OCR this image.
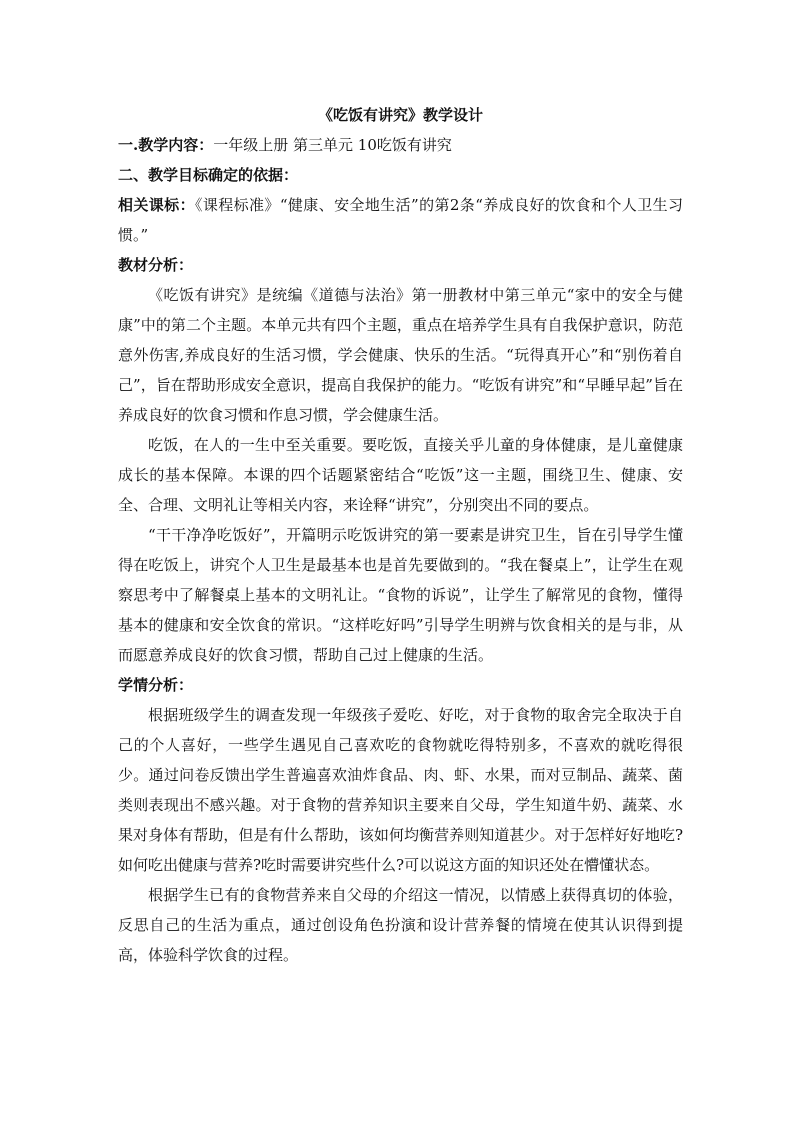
《吃饭有讲究》教学设计

一.教学内容：一年级上册 第三单元 10吃饭有讲究

二、教学目标确定的依据：

相关课标：《课程标准》“健康、安全地生活”的第2条“养成良好的饮食和个人卫生习惯。”

教材分析：

《吃饭有讲究》是统编《道德与法治》第一册教材中第三单元“家中的安全与健康”中的第二个主题。本单元共有四个主题，重点在培养学生具有自我保护意识，防范意外伤害,养成良好的生活习惯，学会健康、快乐的生活。“玩得真开心”和“别伤着自己”，旨在帮助形成安全意识，提高自我保护的能力。“吃饭有讲究”和“早睡早起”旨在养成良好的饮食习惯和作息习惯，学会健康生活。

吃饭，在人的一生中至关重要。要吃饭，直接关乎儿童的身体健康，是儿童健康成长的基本保障。本课的四个话题紧密结合“吃饭”这一主题，围绕卫生、健康、安全、合理、文明礼让等相关内容，来诠释“讲究”，分别突出不同的要点。

“干干净净吃饭好”，开篇明示吃饭讲究的第一要素是讲究卫生，旨在引导学生懂得在吃饭上，讲究个人卫生是最基本也是首先要做到的。“我在餐桌上”，让学生在观察思考中了解餐桌上基本的文明礼让。“食物的诉说”，让学生了解常见的食物，懂得基本的健康和安全饮食的常识。“这样吃好吗”引导学生明辨与饮食相关的是与非，从而愿意养成良好的饮食习惯，帮助自己过上健康的生活。

学情分析：

根据班级学生的调查发现一年级孩子爱吃、好吃，对于食物的取舍完全取决于自己的个人喜好，一些学生遇见自己喜欢吃的食物就吃得特别多，不喜欢的就吃得很少。通过问卷反馈出学生普遍喜欢油炸食品、肉、虾、水果，而对豆制品、蔬菜、菌类则表现出不感兴趣。对于食物的营养知识主要来自父母，学生知道牛奶、蔬菜、水果对身体有帮助，但是有什么帮助，该如何均衡营养则知道甚少。对于怎样好好地吃?如何吃出健康与营养?吃时需要讲究些什么?可以说这方面的知识还处在懵懂状态。

根据学生已有的食物营养来自父母的介绍这一情况，以情感上获得真切的体验，反思自己的生活为重点，通过创设角色扮演和设计营养餐的情境在使其认识得到提高，体验科学饮食的过程。
